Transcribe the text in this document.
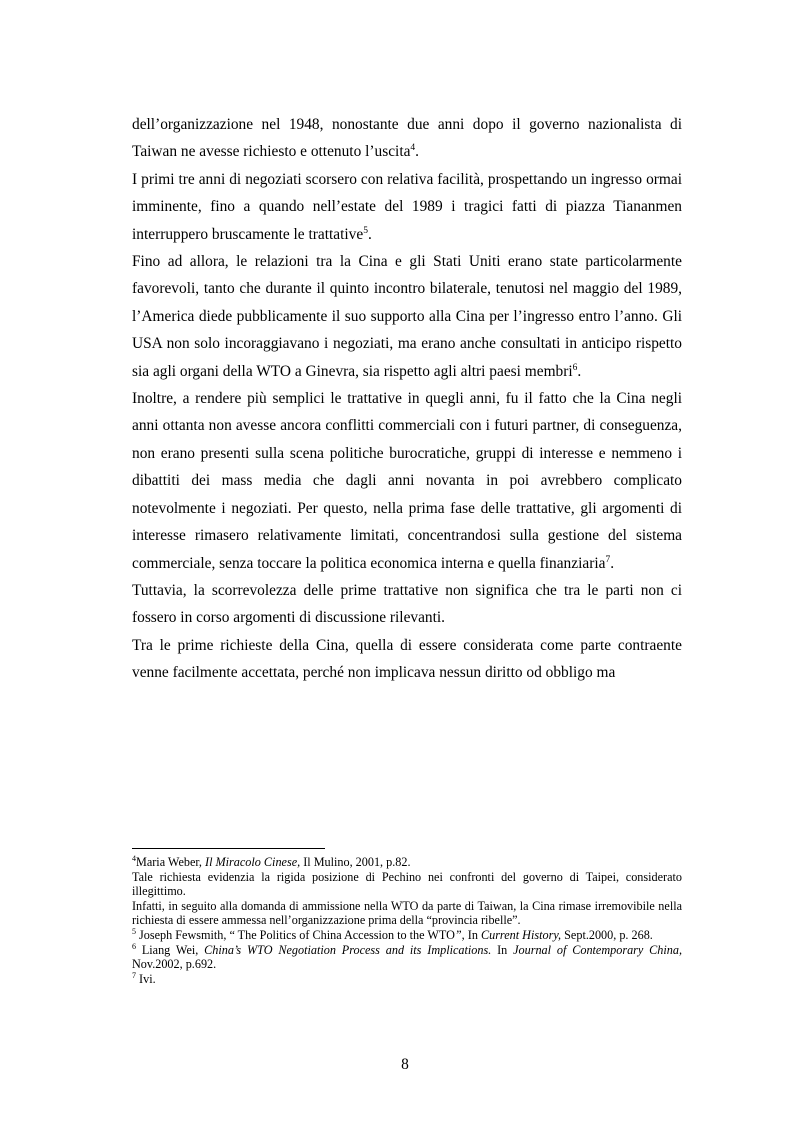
dell’organizzazione nel 1948, nonostante due anni dopo il governo nazionalista di Taiwan ne avesse richiesto e ottenuto l’uscita$^4$.

I primi tre anni di negoziati scorsero con relativa facilità, prospettando un ingresso ormai imminente, fino a quando nell’estate del 1989 i tragici fatti di piazza Tiananmen interruppero bruscamente le trattative$^5$.

Fino ad allora, le relazioni tra la Cina e gli Stati Uniti erano state particolarmente favorevoli, tanto che durante il quinto incontro bilaterale, tenutosi nel maggio del 1989, l’America diede pubblicamente il suo supporto alla Cina per l’ingresso entro l’anno. Gli USA non solo incoraggiavano i negoziati, ma erano anche consultati in anticipo rispetto sia agli organi della WTO a Ginevra, sia rispetto agli altri paesi membri$^6$.

Inoltre, a rendere più semplici le trattative in quegli anni, fu il fatto che la Cina negli anni ottanta non avesse ancora conflitti commerciali con i futuri partner, di conseguenza, non erano presenti sulla scena politiche burocratiche, gruppi di interesse e nemmeno i dibattiti dei mass media che dagli anni novanta in poi avrebbero complicato notevolmente i negoziati. Per questo, nella prima fase delle trattative, gli argomenti di interesse rimasero relativamente limitati, concentrandosi sulla gestione del sistema commerciale, senza toccare la politica economica interna e quella finanziaria$^7$.

Tuttavia, la scorrevolezza delle prime trattative non significa che tra le parti non ci fossero in corso argomenti di discussione rilevanti.

Tra le prime richieste della Cina, quella di essere considerata come parte contraente venne facilmente accettata, perché non implicava nessun diritto od obbligo ma

$^4$Maria Weber, Il Miracolo Cinese, Il Mulino, 2001, p.82.

Tale richiesta evidenzia la rigida posizione di Pechino nei confronti del governo di Taipei, considerato illegittimo.

Infatti, in seguito alla domanda di ammissione nella WTO da parte di Taiwan, la Cina rimase irremovibile nella richiesta di essere ammessa nell’organizzazione prima della “provincia ribelle”.

$^5$ Joseph Fewsmith, “ The Politics of China Accession to the WTO”, In Current History, Sept.2000, p. 268.

$^6$ Liang Wei, China’s WTO Negotiation Process and its Implications. In Journal of Contemporary China, Nov.2002, p.692.

$^7$ Ivi.

8
